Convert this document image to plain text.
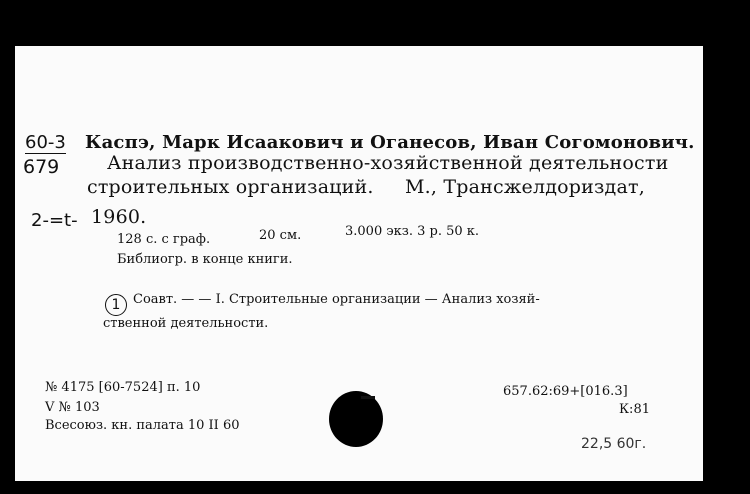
60-3
679
2-=t-
Каспэ, Марк Исаакович и Оганесов, Иван Согомонович.
Анализ производственно-хозяйственной деятельности
строительных организаций. М., Трансжелдориздат,
1960.
128 с. с граф.	20 см.	3.000 экз. 3 р. 50 к.
Библиогр. в конце книги.
1 Соавт. — — I. Строительные организации — Анализ хозяй-
ственной деятельности.
№ 4175 [60-7524] п. 10
V № 103
Всесоюз. кн. палата 10 II 60
657.62:69+[016.3]
К:81
22,5 60г.
